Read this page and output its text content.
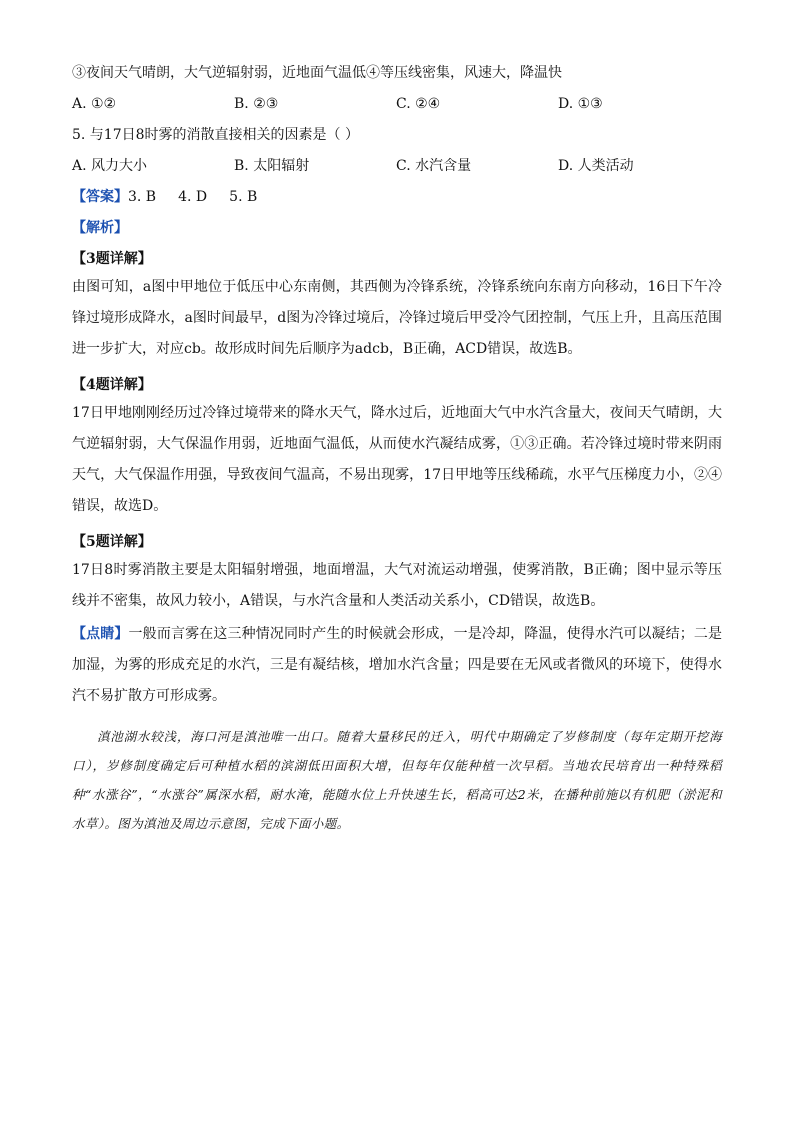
③夜间天气晴朗，大气逆辐射弱，近地面气温低④等压线密集，风速大，降温快

A. ①②	B. ②③	C. ②④	D. ①③

5. 与17日8时雾的消散直接相关的因素是（ ）

A. 风力大小	B. 太阳辐射	C. 水汽含量	D. 人类活动
【答案】3. B 4. D 5. B
【解析】
【3题详解】
由图可知，a图中甲地位于低压中心东南侧，其西侧为冷锋系统，冷锋系统向东南方向移动，16日下午冷锋过境形成降水，a图时间最早，d图为冷锋过境后，冷锋过境后甲受冷气团控制，气压上升，且高压范围进一步扩大，对应cb。故形成时间先后顺序为adcb，B正确，ACD错误，故选B。
【4题详解】
17日甲地刚刚经历过冷锋过境带来的降水天气，降水过后，近地面大气中水汽含量大，夜间天气晴朗，大气逆辐射弱，大气保温作用弱，近地面气温低，从而使水汽凝结成雾，①③正确。若冷锋过境时带来阴雨天气，大气保温作用强，导致夜间气温高，不易出现雾，17日甲地等压线稀疏，水平气压梯度力小，②④错误，故选D。
【5题详解】
17日8时雾消散主要是太阳辐射增强，地面增温，大气对流运动增强，使雾消散，B正确；图中显示等压线并不密集，故风力较小，A错误，与水汽含量和人类活动关系小，CD错误，故选B。
【点睛】一般而言雾在这三种情况同时产生的时候就会形成，一是冷却，降温，使得水汽可以凝结；二是加湿，为雾的形成充足的水汽，三是有凝结核，增加水汽含量；四是要在无风或者微风的环境下，使得水汽不易扩散方可形成雾。
滇池湖水较浅，海口河是滇池唯一出口。随着大量移民的迁入，明代中期确定了岁修制度（每年定期开挖海口），岁修制度确定后可种植水稻的滨湖低田面积大增，但每年仅能种植一次早稻。当地农民培育出一种特殊稻种“水涨谷”，“水涨谷”属深水稻，耐水淹，能随水位上升快速生长，稻高可达2米，在播种前施以有机肥（淤泥和水草）。图为滇池及周边示意图，完成下面小题。
